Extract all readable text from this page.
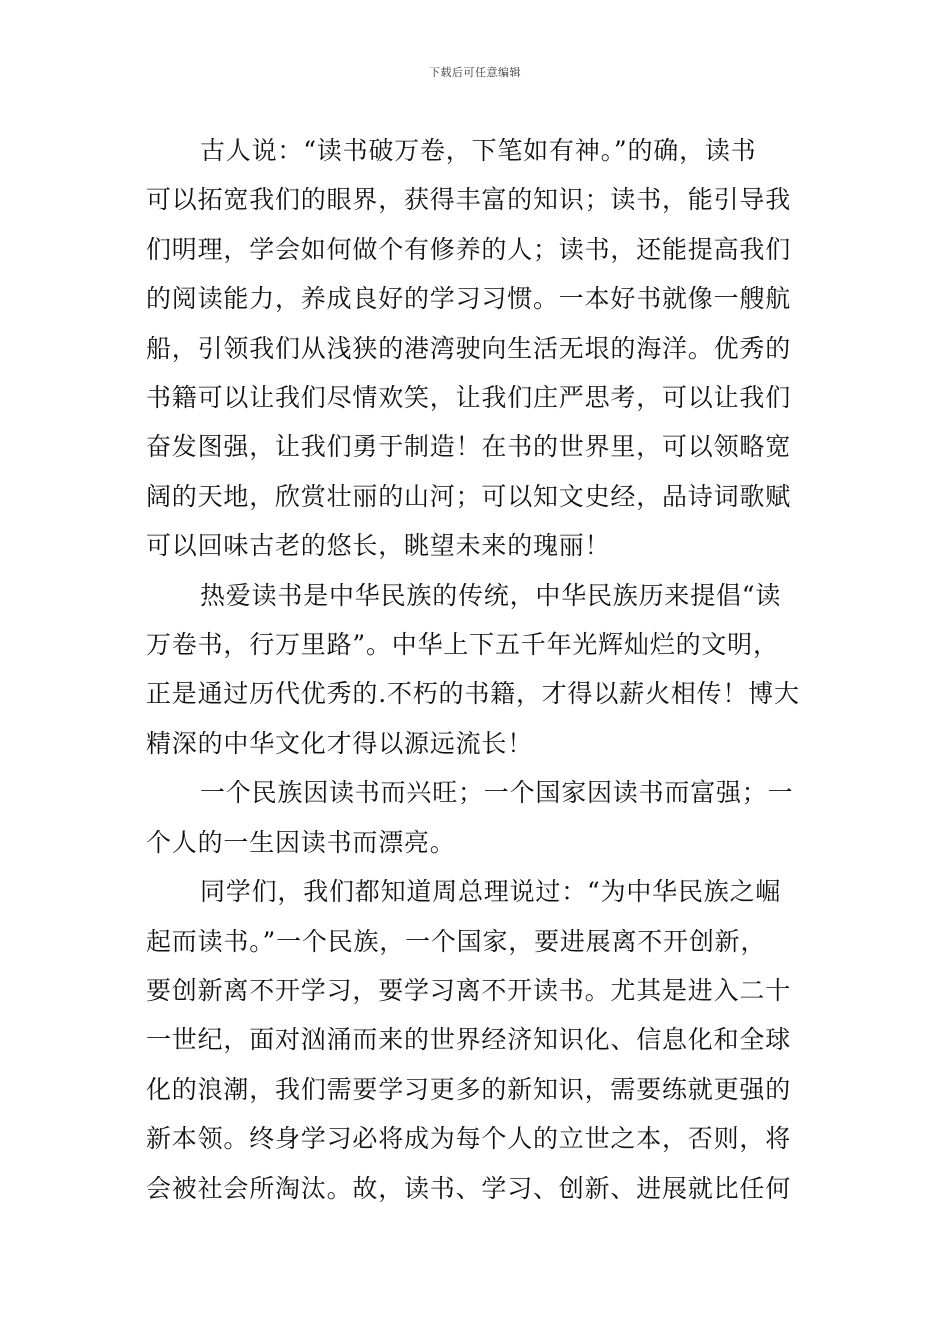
下载后可任意编辑

古人说：“读书破万卷，下笔如有神。”的确，读书
可以拓宽我们的眼界，获得丰富的知识；读书，能引导我
们明理，学会如何做个有修养的人；读书，还能提高我们
的阅读能力，养成良好的学习习惯。一本好书就像一艘航
船，引领我们从浅狭的港湾驶向生活无垠的海洋。优秀的
书籍可以让我们尽情欢笑，让我们庄严思考，可以让我们
奋发图强，让我们勇于制造！在书的世界里，可以领略宽
阔的天地，欣赏壮丽的山河；可以知文史经，品诗词歌赋
可以回味古老的悠长，眺望未来的瑰丽！

热爱读书是中华民族的传统，中华民族历来提倡“读
万卷书，行万里路”。中华上下五千年光辉灿烂的文明，
正是通过历代优秀的.不朽的书籍，才得以薪火相传！博大
精深的中华文化才得以源远流长！

一个民族因读书而兴旺；一个国家因读书而富强；一
个人的一生因读书而漂亮。

同学们，我们都知道周总理说过：“为中华民族之崛
起而读书。”一个民族，一个国家，要进展离不开创新，
要创新离不开学习，要学习离不开读书。尤其是进入二十
一世纪，面对汹涌而来的世界经济知识化、信息化和全球
化的浪潮，我们需要学习更多的新知识，需要练就更强的
新本领。终身学习必将成为每个人的立世之本，否则，将
会被社会所淘汰。故，读书、学习、创新、进展就比任何
